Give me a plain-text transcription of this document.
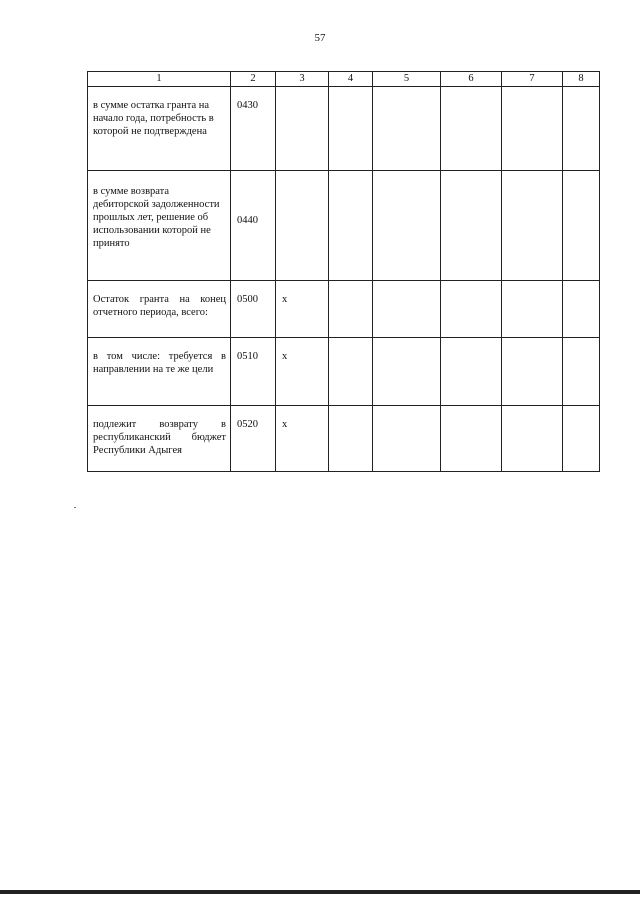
57
1	2	3	4	5	6	7	8
в сумме остатка гранта на начало года, потребность в которой не подтверждена	0430						
в сумме возврата дебиторской задолженности прошлых лет, решение об использовании которой не принято	0440						
Остаток гранта на конец отчетного периода, всего:	0500	x					
в том числе: требуется в направлении на те же цели	0510	x					
подлежит возврату в республиканский бюджет Республики Адыгея	0520	x					
